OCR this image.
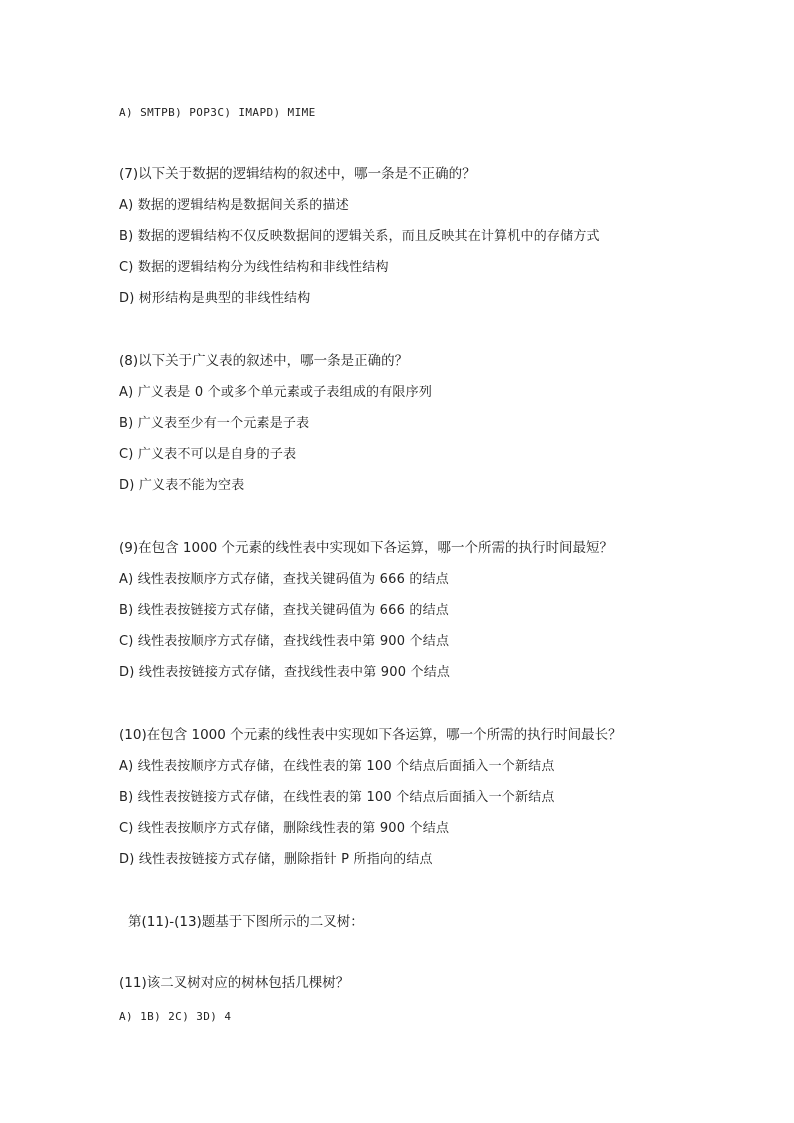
A) SMTPB) POP3C) IMAPD) MIME
(7)以下关于数据的逻辑结构的叙述中，哪一条是不正确的？
A) 数据的逻辑结构是数据间关系的描述
B) 数据的逻辑结构不仅反映数据间的逻辑关系，而且反映其在计算机中的存储方式
C) 数据的逻辑结构分为线性结构和非线性结构
D) 树形结构是典型的非线性结构
(8)以下关于广义表的叙述中，哪一条是正确的？
A) 广义表是 0 个或多个单元素或子表组成的有限序列
B) 广义表至少有一个元素是子表
C) 广义表不可以是自身的子表
D) 广义表不能为空表
(9)在包含 1000 个元素的线性表中实现如下各运算，哪一个所需的执行时间最短？
A) 线性表按顺序方式存储，查找关键码值为 666 的结点
B) 线性表按链接方式存储，查找关键码值为 666 的结点
C) 线性表按顺序方式存储，查找线性表中第 900 个结点
D) 线性表按链接方式存储，查找线性表中第 900 个结点
(10)在包含 1000 个元素的线性表中实现如下各运算，哪一个所需的执行时间最长？
A) 线性表按顺序方式存储，在线性表的第 100 个结点后面插入一个新结点
B) 线性表按链接方式存储，在线性表的第 100 个结点后面插入一个新结点
C) 线性表按顺序方式存储，删除线性表的第 900 个结点
D) 线性表按链接方式存储，删除指针 P 所指向的结点
第(11)-(13)题基于下图所示的二叉树：
(11)该二叉树对应的树林包括几棵树？
A) 1B) 2C) 3D) 4
